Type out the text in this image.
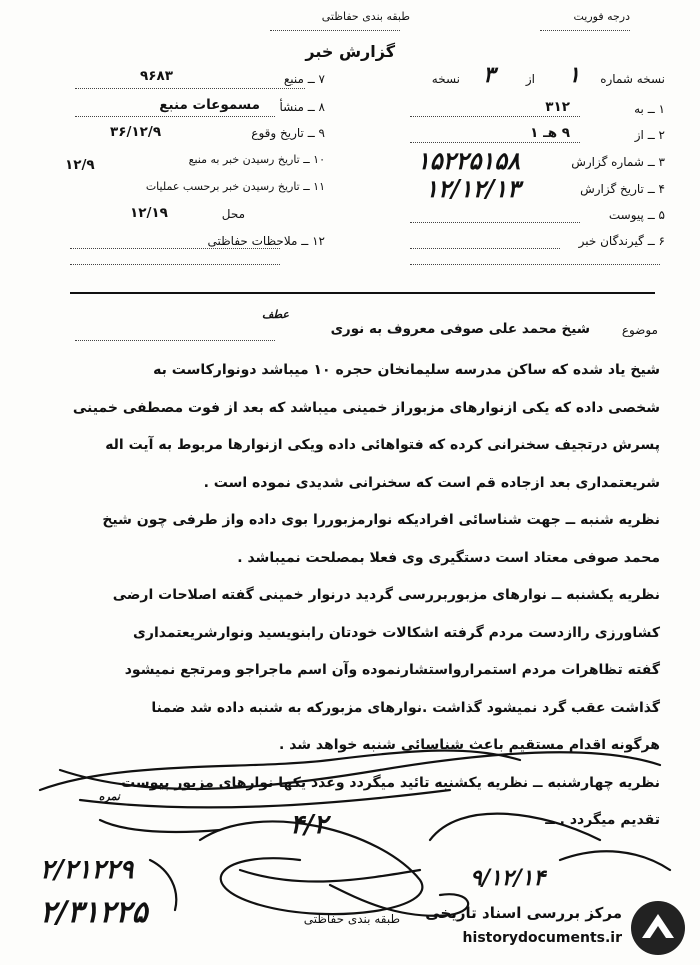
درجه فوریت
طبقه بندی حفاظتی
گزارش خبر
نسخه شماره
۱
از
۳
نسخه
۱ ــ به
۳۱۲
۲ ــ از
۹ هـ ۱
۳ ــ شماره گزارش
۱۵۲۲۵۱۵۸
۴ ــ تاریخ گزارش
۱۲/۱۲/۱۳
۵ ــ پیوست
۶ ــ گیرندگان خبر
۷ ــ منبع
۹۶۸۳
۸ ــ منشأ
مسموعات منبع
۹ ــ تاریخ وقوع
۳۶/۱۲/۹
۱۰ ــ تاریخ رسیدن خبر به منبع
۱۲/۹
۱۱ ــ تاریخ رسیدن خبر برحسب عملیات
محل
۱۲/۱۹
۱۲ ــ ملاحظات حفاظتی
عطف
موضوع
شیخ محمد علی صوفی معروف به نوری
شیخ یاد شده که ساکن مدرسه سلیمانخان حجره ۱۰ میباشد دونوارکاست به
شخصی داده که یکی ازنوارهای مزبوراز خمینی میباشد که بعد از فوت مصطفی خمینی
پسرش درتجیف سخنرانی کرده که فتواهائی داده ویکی ازنوارها مربوط به آیت اله
شریعتمداری بعد ازجاده قم است که سخنرانی شدیدی نموده است .
نظریه شنبه ــ جهت شناسائی افرادیکه نوارمزبوررا بوی داده واز طرفی چون شیخ
محمد صوفی معتاد است دستگیری وی فعلا بمصلحت نمیباشد .
نظریه یکشنبه ــ نوارهای مزبوربررسی گردید درنوار خمینی گفته اصلاحات ارضی
کشاورزی راازدست مردم گرفته اشکالات خودتان رابنویسید ونوارشریعتمداری
گفته تظاهرات مردم استمرارواستشارنموده وآن اسم ماجراجو ومرتجع نمیشود
گذاشت عقب گرد نمیشود گذاشت .نوارهای مزبورکه به شنبه داده شد ضمنا
هرگونه اقدام مستقیم باعث شناسائی شنبه خواهد شد .
نظریه چهارشنبه ــ نظریه یکشنبه تائید میگردد وعدد یکها نوارهای مزبور پیوست
تقدیم میگردد . ــ
۲/۲۱۲۲۹
۲/۳۱۲۲۵
۴/۲
۹/۱۲/۱۴
نمره
طبقه بندی حفاظتی مرکز بررسی اسناد تاریخی
historydocuments.ir
